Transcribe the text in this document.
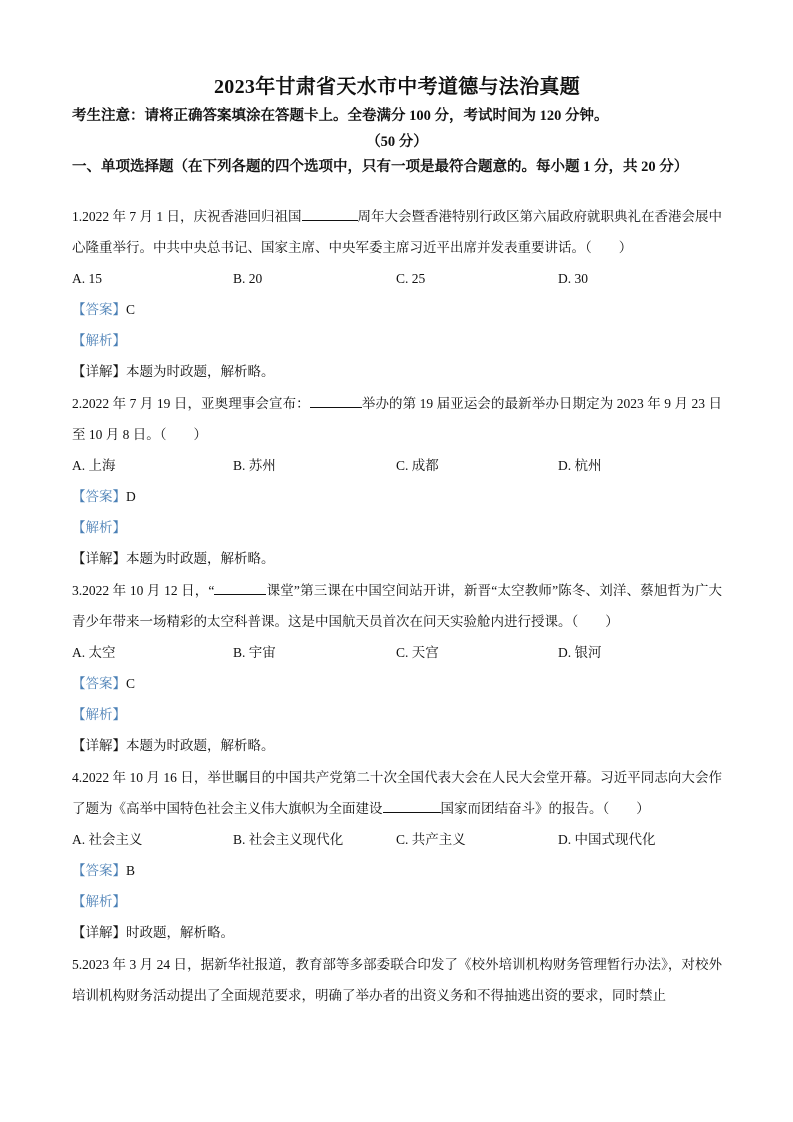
2023年甘肃省天水市中考道德与法治真题
考生注意：请将正确答案填涂在答题卡上。全卷满分 100 分，考试时间为 120 分钟。
（50 分）
一、单项选择题（在下列各题的四个选项中，只有一项是最符合题意的。每小题 1 分，共 20 分）
1.2022 年 7 月 1 日，庆祝香港回归祖国	周年大会暨香港特别行政区第六届政府就职典礼在香港会展中心隆重举行。中共中央总书记、国家主席、中央军委主席习近平出席并发表重要讲话。（　　）
A. 15	B. 20	C. 25	D. 30
【答案】C
【解析】
【详解】本题为时政题，解析略。
2.2022 年 7 月 19 日，亚奥理事会宣布：	举办的第 19 届亚运会的最新举办日期定为 2023 年 9 月 23 日至 10 月 8 日。（　　）
A. 上海	B. 苏州	C. 成都	D. 杭州
【答案】D
【解析】
【详解】本题为时政题，解析略。
3.2022 年 10 月 12 日，“	课堂”第三课在中国空间站开讲，新晋“太空教师”陈冬、刘洋、蔡旭哲为广大青少年带来一场精彩的太空科普课。这是中国航天员首次在问天实验舱内进行授课。（　　）
A. 太空	B. 宇宙	C. 天宫	D. 银河
【答案】C
【解析】
【详解】本题为时政题，解析略。
4.2022 年 10 月 16 日，举世瞩目的中国共产党第二十次全国代表大会在人民大会堂开幕。习近平同志向大会作了题为《高举中国特色社会主义伟大旗帜为全面建设	国家而团结奋斗》的报告。（　　）
A. 社会主义	B. 社会主义现代化	C. 共产主义	D. 中国式现代化
【答案】B
【解析】
【详解】时政题，解析略。
5.2023 年 3 月 24 日，据新华社报道，教育部等多部委联合印发了《校外培训机构财务管理暂行办法》，对校外培训机构财务活动提出了全面规范要求，明确了举办者的出资义务和不得抽逃出资的要求，同时禁止
